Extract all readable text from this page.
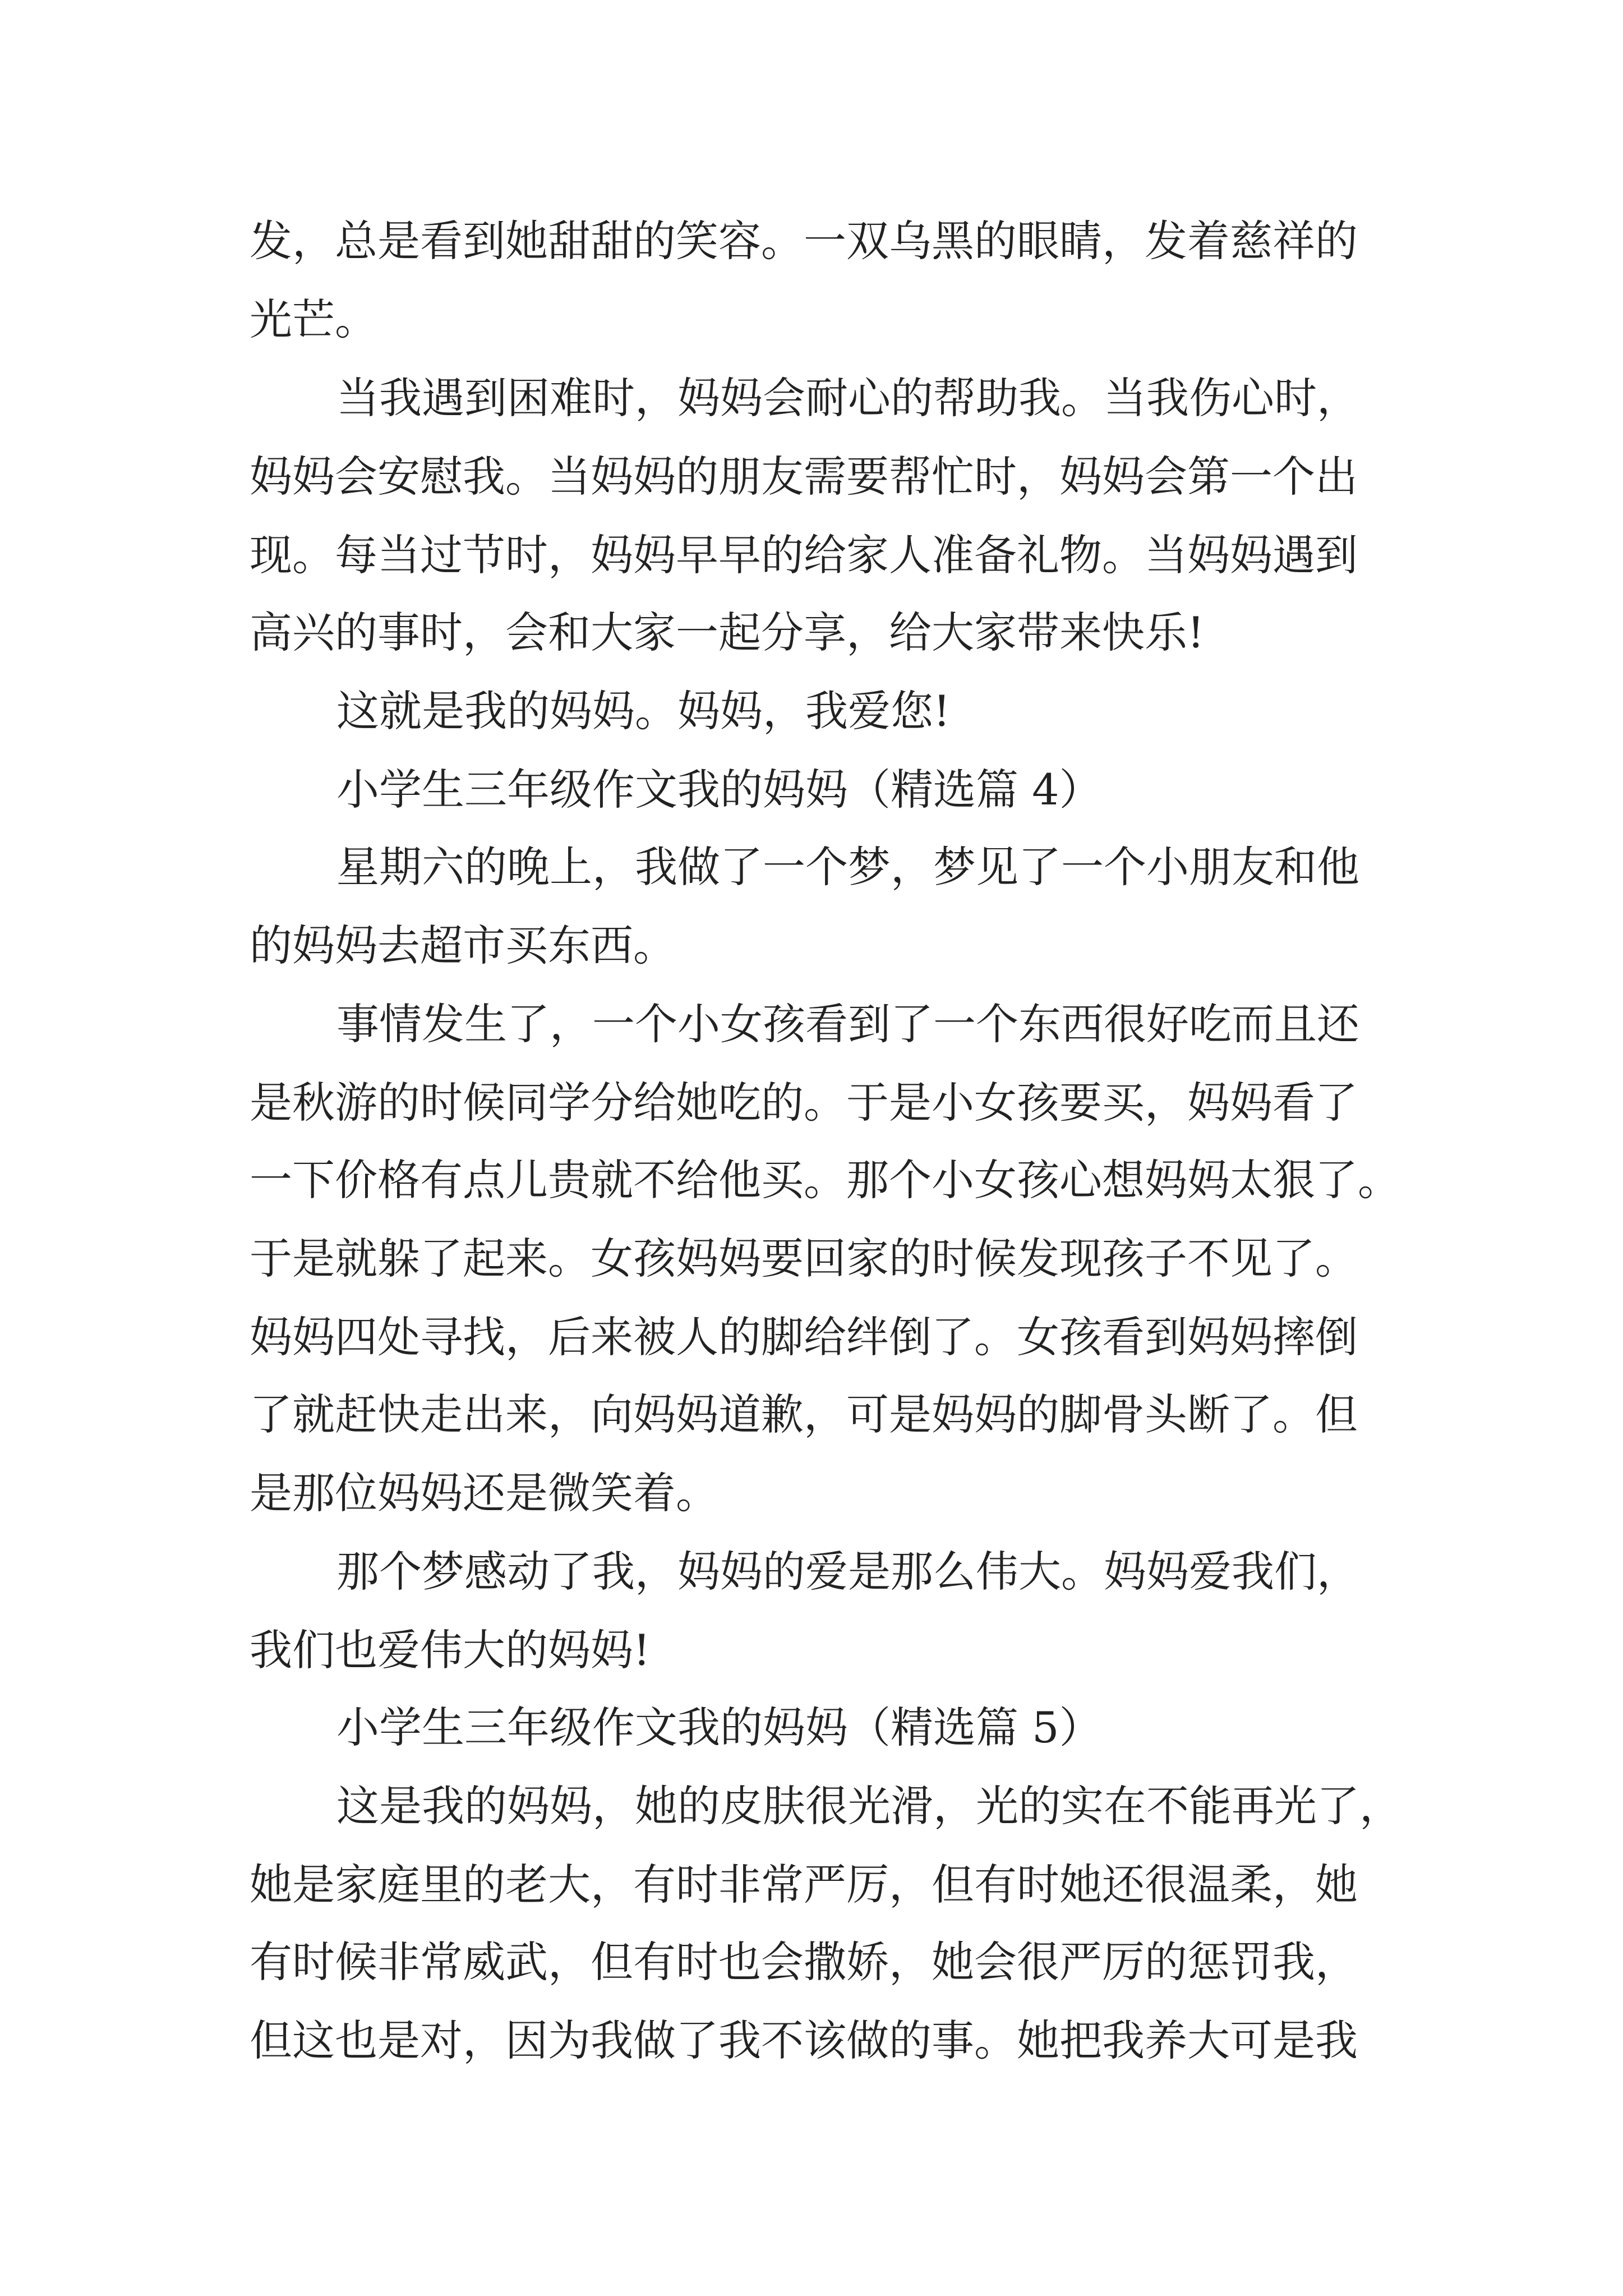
发，总是看到她甜甜的笑容。一双乌黑的眼睛，发着慈祥的
光芒。
当我遇到困难时，妈妈会耐心的帮助我。当我伤心时，
妈妈会安慰我。当妈妈的朋友需要帮忙时，妈妈会第一个出
现。每当过节时，妈妈早早的给家人准备礼物。当妈妈遇到
高兴的事时，会和大家一起分享，给大家带来快乐!
这就是我的妈妈。妈妈，我爱您!
小学生三年级作文我的妈妈（精选篇 4）
星期六的晚上，我做了一个梦，梦见了一个小朋友和他
的妈妈去超市买东西。
事情发生了，一个小女孩看到了一个东西很好吃而且还
是秋游的时候同学分给她吃的。于是小女孩要买，妈妈看了
一下价格有点儿贵就不给他买。那个小女孩心想妈妈太狠了。
于是就躲了起来。女孩妈妈要回家的时候发现孩子不见了。
妈妈四处寻找，后来被人的脚给绊倒了。女孩看到妈妈摔倒
了就赶快走出来，向妈妈道歉，可是妈妈的脚骨头断了。但
是那位妈妈还是微笑着。
那个梦感动了我，妈妈的爱是那么伟大。妈妈爱我们，
我们也爱伟大的妈妈!
小学生三年级作文我的妈妈（精选篇 5）
这是我的妈妈，她的皮肤很光滑，光的实在不能再光了，
她是家庭里的老大，有时非常严厉，但有时她还很温柔，她
有时候非常威武，但有时也会撒娇，她会很严厉的惩罚我，
但这也是对，因为我做了我不该做的事。她把我养大可是我
